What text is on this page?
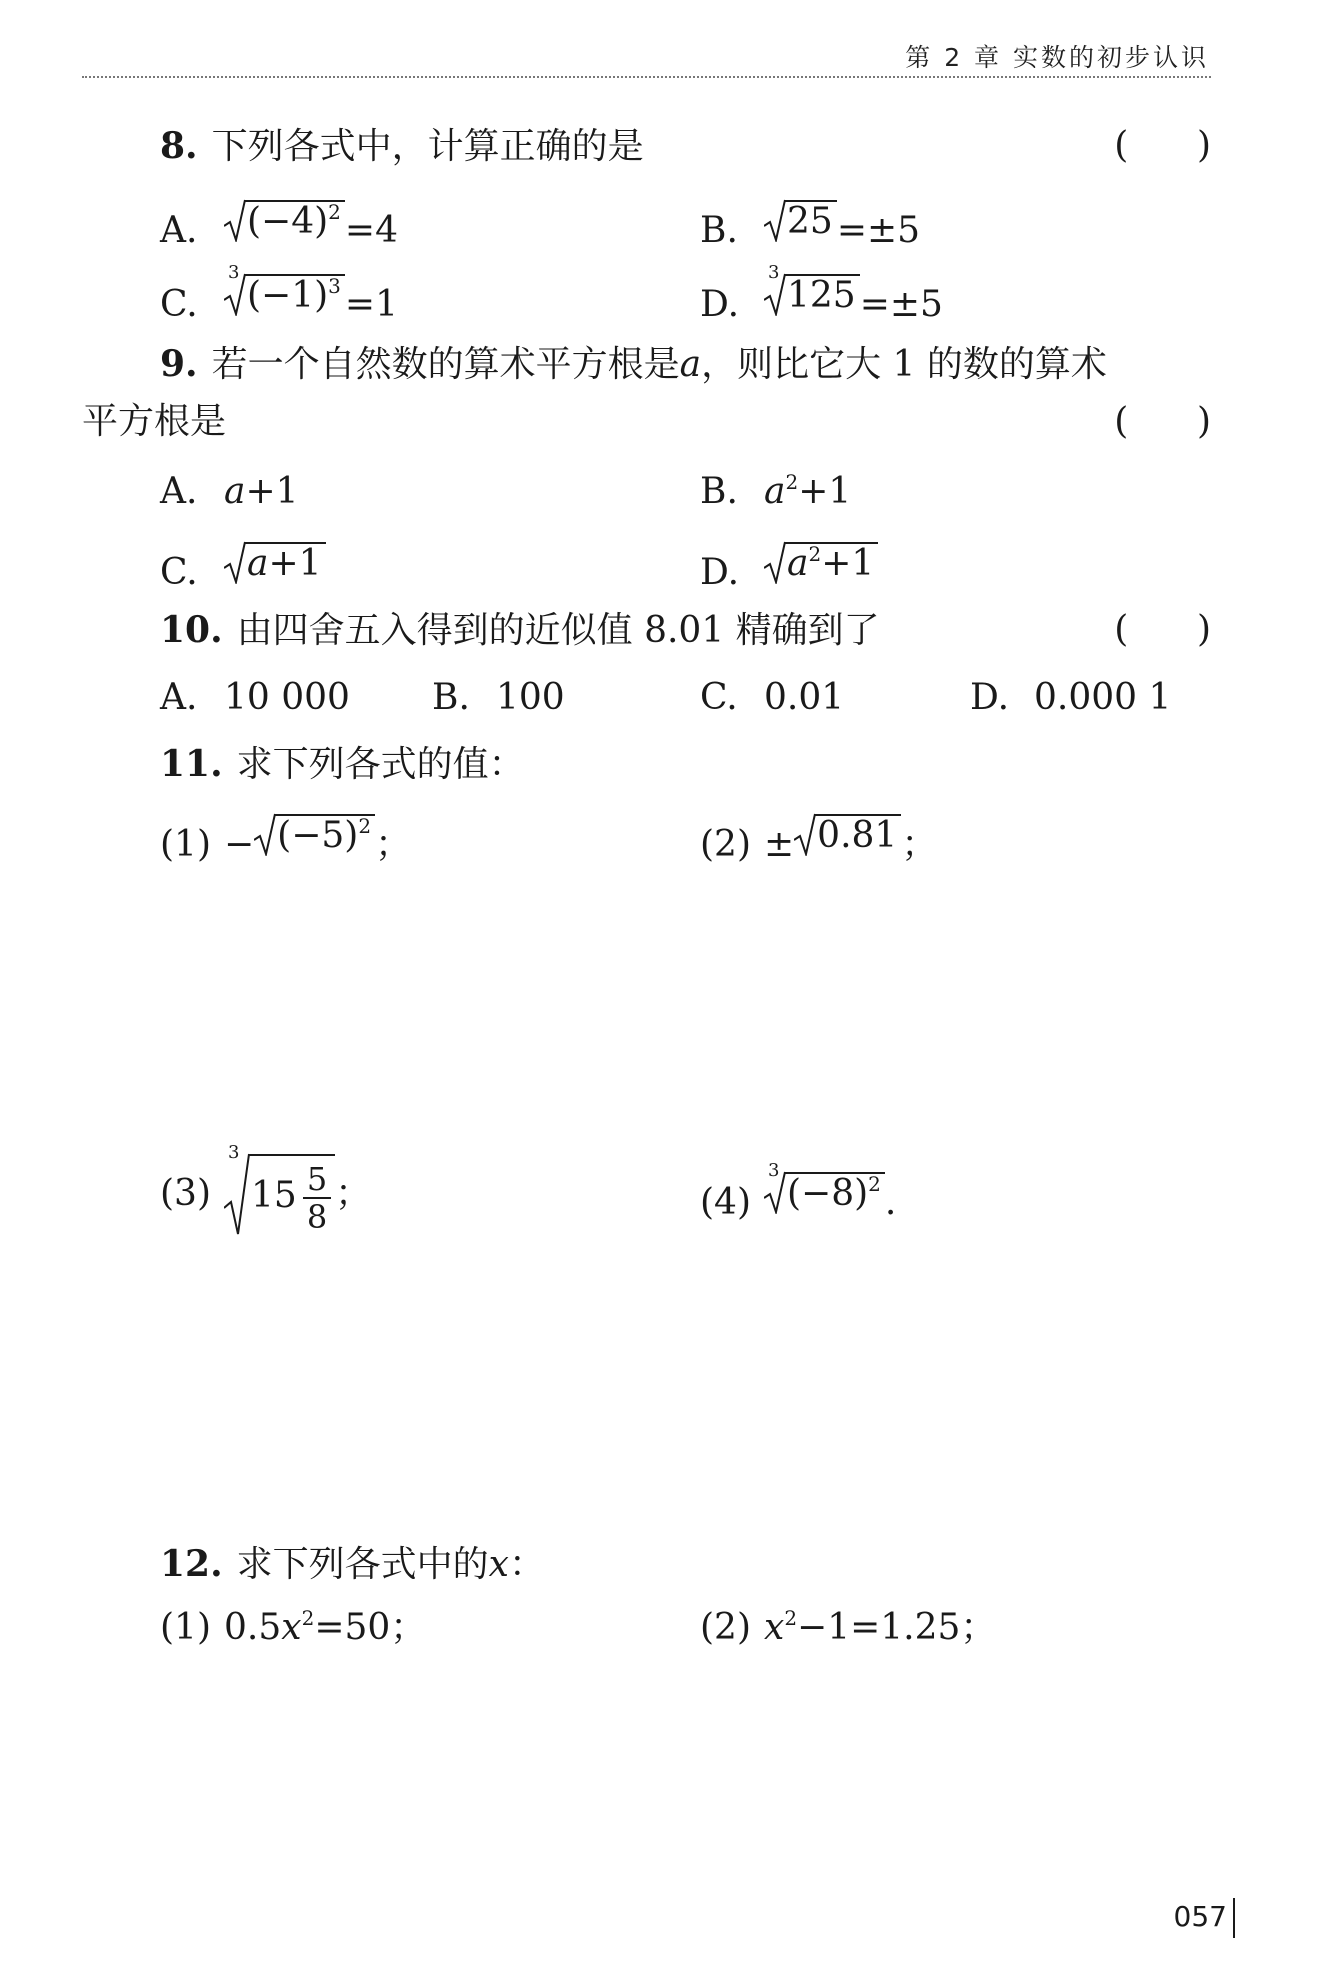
第 2 章 实数的初步认识
8. 下列各式中，计算正确的是	(      )
A. $(-4)^2 =4$	B. 25 =±5
C.
3
$(-1)^3 =1$	D.
3
125 =±5
9. 若一个自然数的算术平方根是a，则比它大 1 的数的算术
平方根是	(      )
A. a+1	B. $a^2+1$
C. a+1	D. $a^2+1$
10. 由四舍五入得到的近似值 8.01 精确到了	(      )
A. 10 000 B. 100	C. 0.01	D. 0.000 1
11. 求下列各式的值：
$(1) - (-5)^2$ ；	(2) ± 0.81 ；
(3)
3
$15 \frac{5}{8}$ ；	(4)
3
$(-8)^2$ .
12. 求下列各式中的x：
(1) $0.5x^2=50$；	(2) $x^2-1=1.25$；
057
